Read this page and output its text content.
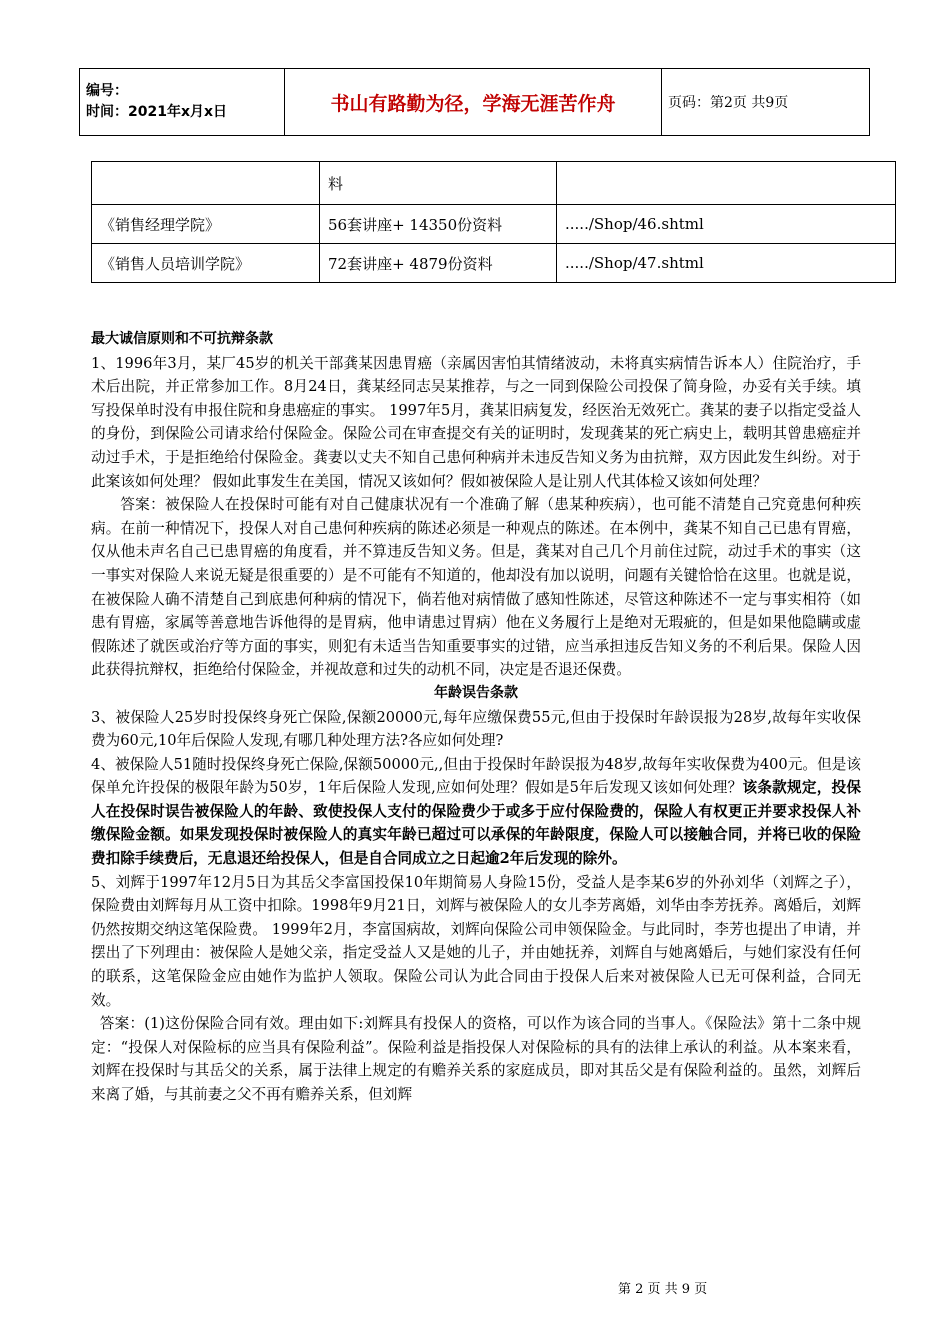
编号：
时间：2021年x月x日	书山有路勤为径，学海无涯苦作舟	页码：第2页 共9页
	料	
《销售经理学院》	56套讲座+ 14350份资料	...../Shop/46.shtml
《销售人员培训学院》	72套讲座+ 4879份资料	...../Shop/47.shtml

最大诚信原则和不可抗辩条款

1、1996年3月，某厂45岁的机关干部龚某因患胃癌（亲属因害怕其情绪波动，未将真实病情告诉本人）住院治疗，手术后出院，并正常参加工作。8月24日，龚某经同志吴某推荐，与之一同到保险公司投保了简身险，办妥有关手续。填写投保单时没有申报住院和身患癌症的事实。 1997年5月，龚某旧病复发，经医治无效死亡。龚某的妻子以指定受益人的身份，到保险公司请求给付保险金。保险公司在审查提交有关的证明时，发现龚某的死亡病史上，载明其曾患癌症并动过手术，于是拒绝给付保险金。龚妻以丈夫不知自己患何种病并未违反告知义务为由抗辩，双方因此发生纠纷。对于此案该如何处理？ 假如此事发生在美国，情况又该如何？假如被保险人是让别人代其体检又该如何处理？

答案：被保险人在投保时可能有对自己健康状况有一个准确了解（患某种疾病），也可能不清楚自己究竟患何种疾病。在前一种情况下，投保人对自己患何种疾病的陈述必须是一种观点的陈述。在本例中，龚某不知自己已患有胃癌，仅从他未声名自己已患胃癌的角度看，并不算违反告知义务。但是，龚某对自己几个月前住过院，动过手术的事实（这一事实对保险人来说无疑是很重要的）是不可能有不知道的，他却没有加以说明，问题有关键恰恰在这里。也就是说，在被保险人确不清楚自己到底患何种病的情况下，倘若他对病情做了感知性陈述，尽管这种陈述不一定与事实相符（如患有胃癌，家属等善意地告诉他得的是胃病，他申请患过胃病）他在义务履行上是绝对无瑕疵的，但是如果他隐瞒或虚假陈述了就医或治疗等方面的事实，则犯有未适当告知重要事实的过错，应当承担违反告知义务的不利后果。保险人因此获得抗辩权，拒绝给付保险金，并视故意和过失的动机不同，决定是否退还保费。

年龄误告条款

3、被保险人25岁时投保终身死亡保险,保额20000元,每年应缴保费55元,但由于投保时年龄误报为28岁,故每年实收保费为60元,10年后保险人发现,有哪几种处理方法?各应如何处理?

4、被保险人51随时投保终身死亡保险,保额50000元,,但由于投保时年龄误报为48岁,故每年实收保费为400元。但是该保单允许投保的极限年龄为50岁，1年后保险人发现,应如何处理？假如是5年后发现又该如何处理？该条款规定，投保人在投保时误告被保险人的年龄、致使投保人支付的保险费少于或多于应付保险费的，保险人有权更正并要求投保人补缴保险金额。如果发现投保时被保险人的真实年龄已超过可以承保的年龄限度，保险人可以接触合同，并将已收的保险费扣除手续费后，无息退还给投保人，但是自合同成立之日起逾2年后发现的除外。

5、刘辉于1997年12月5日为其岳父李富国投保10年期简易人身险15份，受益人是李某6岁的外孙刘华（刘辉之子），保险费由刘辉每月从工资中扣除。1998年9月21日，刘辉与被保险人的女儿李芳离婚，刘华由李芳抚养。离婚后，刘辉仍然按期交纳这笔保险费。 1999年2月，李富国病故，刘辉向保险公司申领保险金。与此同时，李芳也提出了申请，并摆出了下列理由：被保险人是她父亲，指定受益人又是她的儿子，并由她抚养，刘辉自与她离婚后，与她们家没有任何的联系，这笔保险金应由她作为监护人领取。保险公司认为此合同由于投保人后来对被保险人已无可保利益，合同无效。

答案：(1)这份保险合同有效。理由如下:刘辉具有投保人的资格，可以作为该合同的当事人。《保险法》第十二条中规定：“投保人对保险标的应当具有保险利益”。保险利益是指投保人对保险标的具有的法律上承认的利益。从本案来看，刘辉在投保时与其岳父的关系，属于法律上规定的有赡养关系的家庭成员，即对其岳父是有保险利益的。虽然，刘辉后来离了婚，与其前妻之父不再有赡养关系，但刘辉

第 2 页 共 9 页
